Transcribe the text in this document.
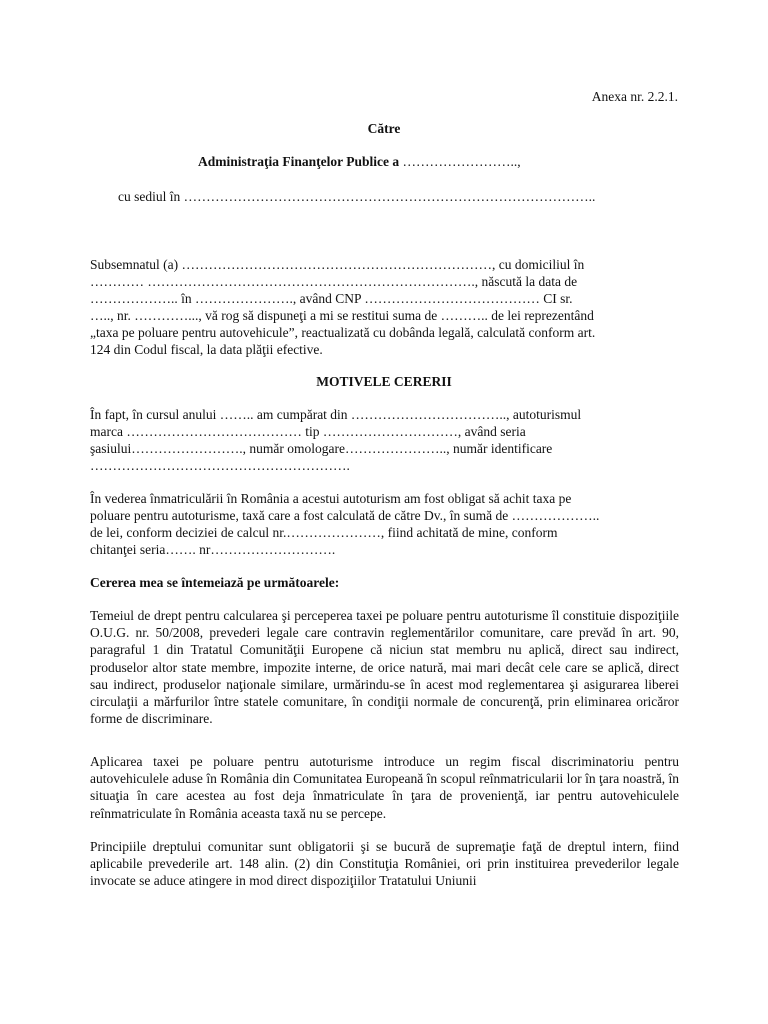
Anexa nr. 2.2.1.
Către
Administraţia Finanţelor Publice a ……………………..,
cu sediul în ………………………………………………………………………………..
Subsemnatul (a) ……………………………………………………………, cu domiciliul în
………… ………………………………………………………………., născută la data de
……………….. în …………………., având CNP ………………………………… CI sr.
….., nr. …………..., vă rog să dispuneţi a mi se restitui suma de ……….. de lei reprezentând
„taxa pe poluare pentru autovehicule”, reactualizată cu dobânda legală, calculată conform art.
124 din Codul fiscal, la data plăţii efective.
MOTIVELE CERERII
În fapt, în cursul anului …….. am cumpărat din …………………………….., autoturismul
marca ………………………………… tip …………………………, având seria
şasiului……………………., număr omologare………………….., număr identificare
………………………………………………….
În vederea înmatriculării în România a acestui autoturism am fost obligat să achit taxa pe
poluare pentru autoturisme, taxă care a fost calculată de către Dv., în sumă de ………………..
de lei, conform deciziei de calcul nr.…………………, fiind achitată de mine, conform
chitanţei seria……. nr……………………….
Cererea mea se întemeiază pe următoarele:

Temeiul de drept pentru calcularea şi perceperea taxei pe poluare pentru autoturisme îl constituie dispoziţiile O.U.G. nr. 50/2008, prevederi legale care contravin reglementărilor comunitare, care prevăd în art. 90, paragraful 1 din Tratatul Comunităţii Europene că niciun stat membru nu aplică, direct sau indirect, produselor altor state membre, impozite interne, de orice natură, mai mari decât cele care se aplică, direct sau indirect, produselor naţionale similare, urmărindu-se în acest mod reglementarea şi asigurarea liberei circulaţii a mărfurilor între statele comunitare, în condiţii normale de concurenţă, prin eliminarea oricăror forme de discriminare.

Aplicarea taxei pe poluare pentru autoturisme introduce un regim fiscal discriminatoriu pentru autovehiculele aduse în România din Comunitatea Europeană în scopul reînmatricularii lor în ţara noastră, în situaţia în care acestea au fost deja înmatriculate în ţara de provenienţă, iar pentru autovehiculele reînmatriculate în România aceasta taxă nu se percepe.

Principiile dreptului comunitar sunt obligatorii şi se bucură de supremaţie faţă de dreptul intern, fiind aplicabile prevederile art. 148 alin. (2) din Constituţia României, ori prin instituirea prevederilor legale invocate se aduce atingere in mod direct dispoziţiilor Tratatului Uniunii
